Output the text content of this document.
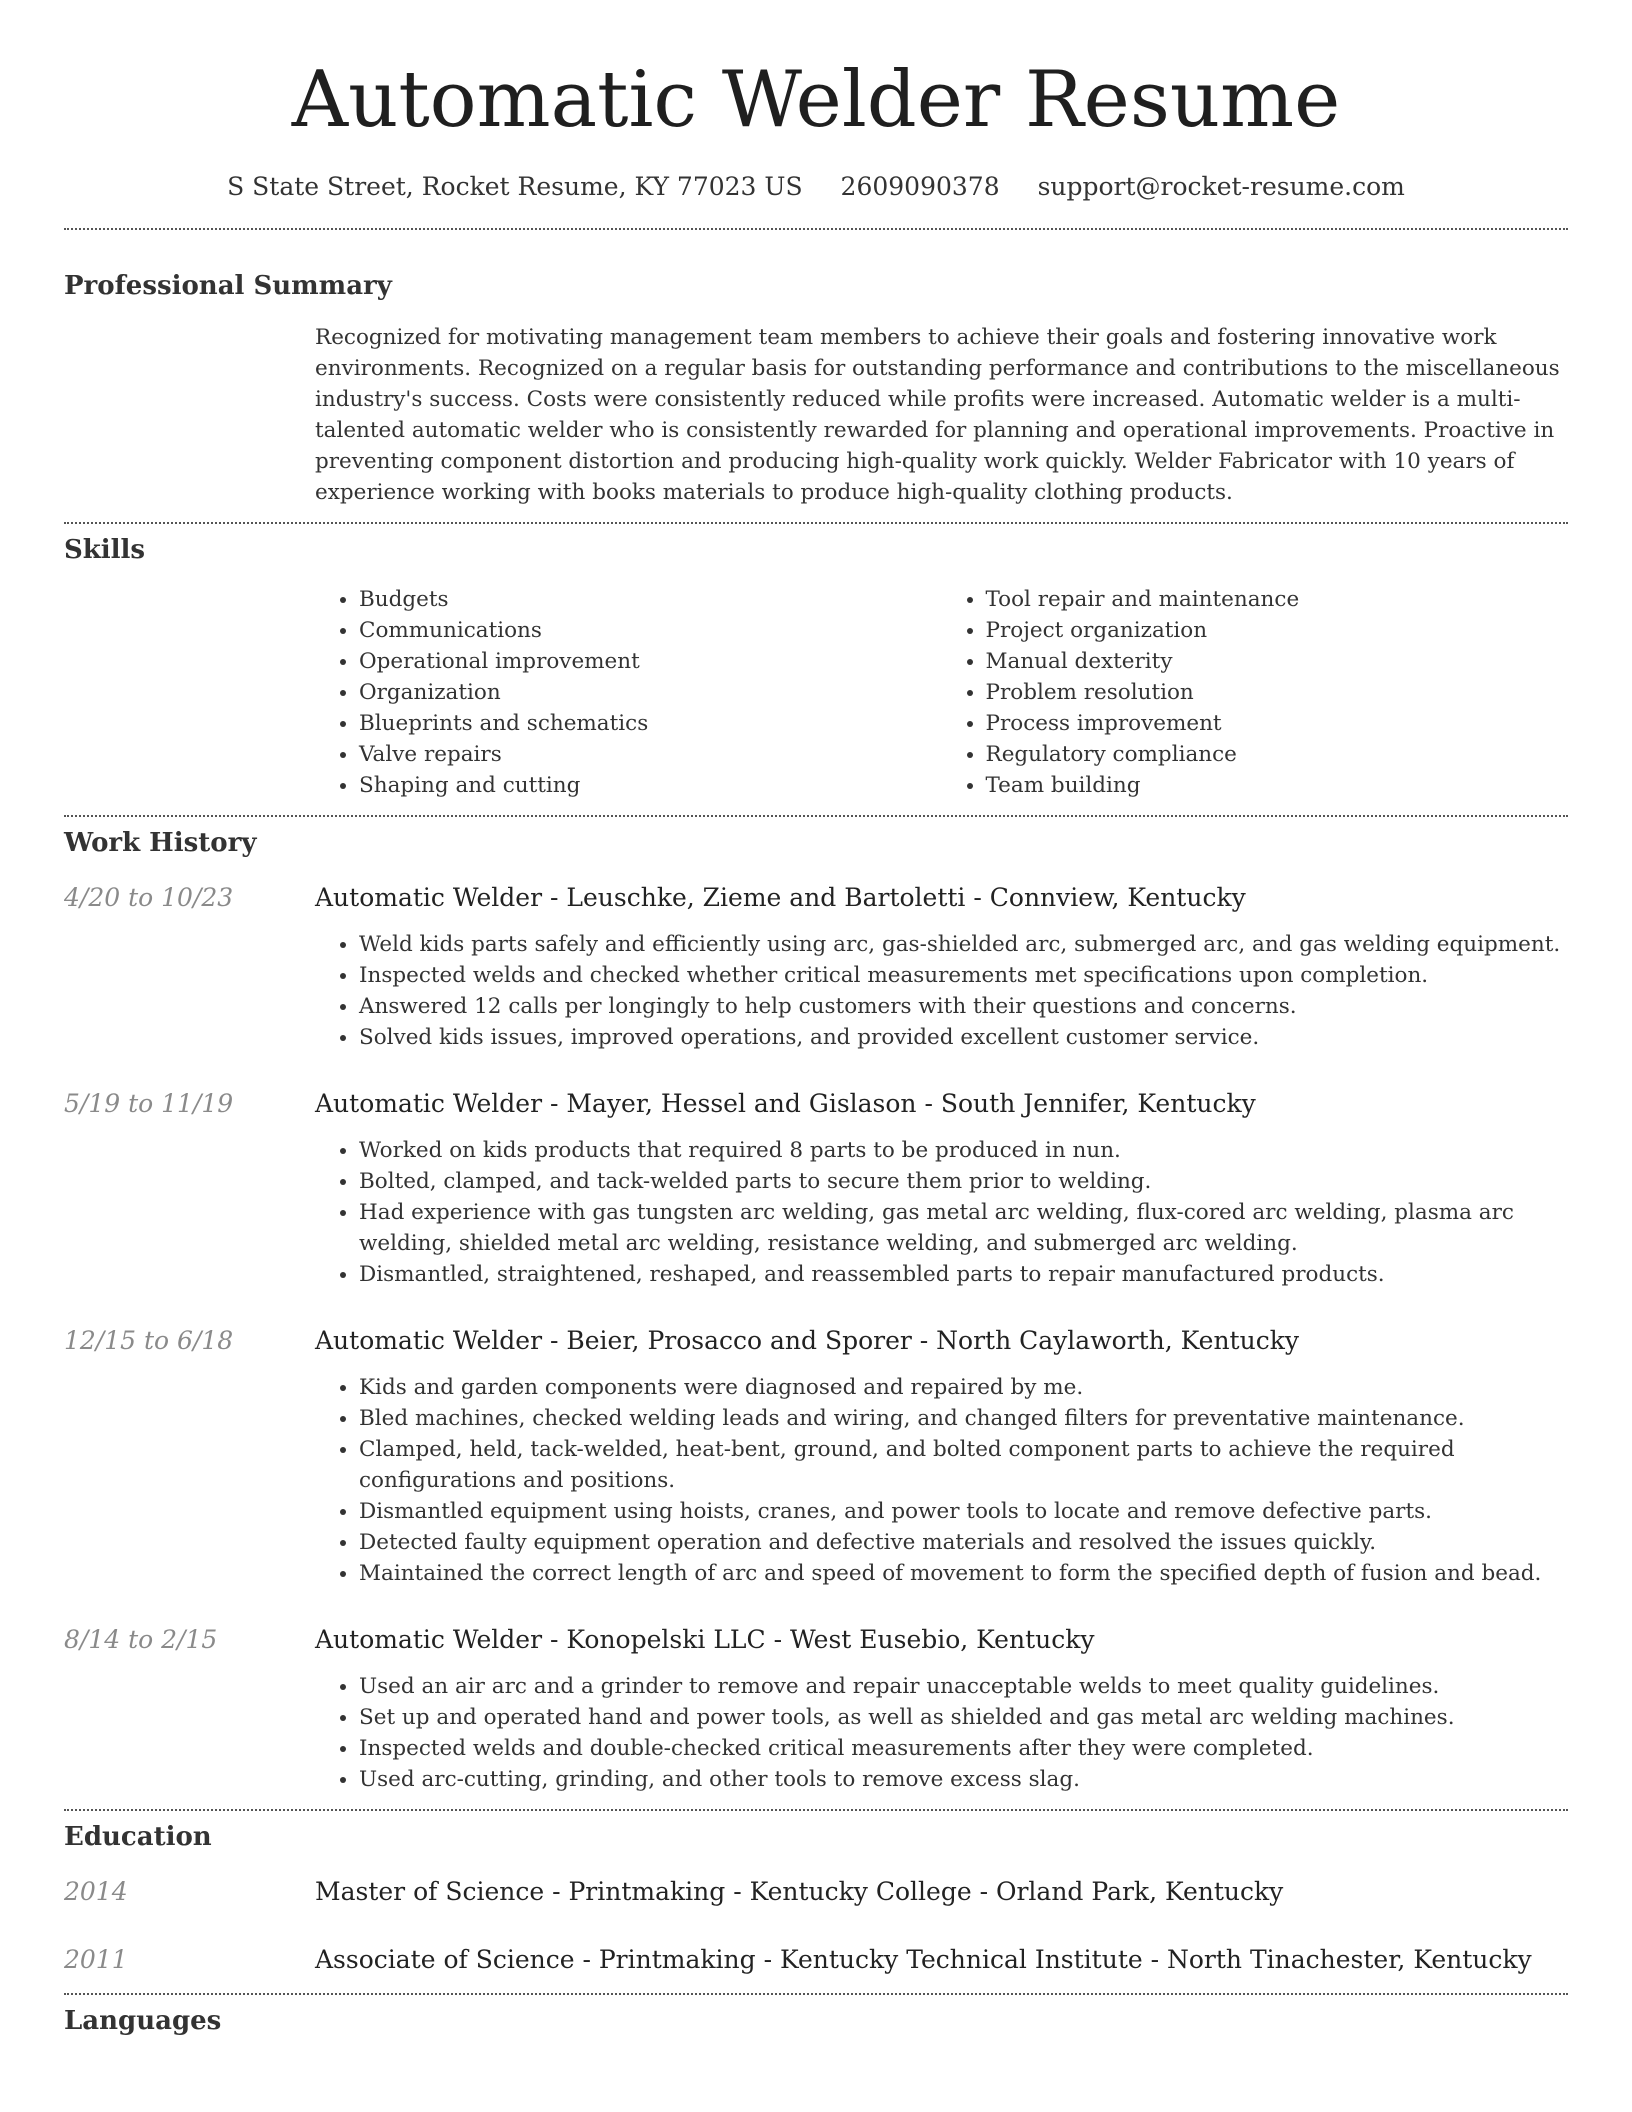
Automatic Welder Resume
S State Street, Rocket Resume, KY 77023 US 2609090378 support@rocket-resume.com
Professional Summary

Recognized for motivating management team members to achieve their goals and fostering innovative work environments. Recognized on a regular basis for outstanding performance and contributions to the miscellaneous industry's success. Costs were consistently reduced while profits were increased. Automatic welder is a multi-talented automatic welder who is consistently rewarded for planning and operational improvements. Proactive in preventing component distortion and producing high-quality work quickly. Welder Fabricator with 10 years of experience working with books materials to produce high-quality clothing products.

Skills
• Budgets
• Communications
• Operational improvement
• Organization
• Blueprints and schematics
• Valve repairs
• Shaping and cutting
• Tool repair and maintenance
• Project organization
• Manual dexterity
• Problem resolution
• Process improvement
• Regulatory compliance
• Team building
Work History
4/20 to 10/23	Automatic Welder - Leuschke, Zieme and Bartoletti - Connview, Kentucky
• Weld kids parts safely and efficiently using arc, gas-shielded arc, submerged arc, and gas welding equipment.
• Inspected welds and checked whether critical measurements met specifications upon completion.
• Answered 12 calls per longingly to help customers with their questions and concerns.
• Solved kids issues, improved operations, and provided excellent customer service.
5/19 to 11/19	Automatic Welder - Mayer, Hessel and Gislason - South Jennifer, Kentucky
• Worked on kids products that required 8 parts to be produced in nun.
• Bolted, clamped, and tack-welded parts to secure them prior to welding.
• Had experience with gas tungsten arc welding, gas metal arc welding, flux-cored arc welding, plasma arc welding, shielded metal arc welding, resistance welding, and submerged arc welding.
• Dismantled, straightened, reshaped, and reassembled parts to repair manufactured products.
12/15 to 6/18	Automatic Welder - Beier, Prosacco and Sporer - North Caylaworth, Kentucky
• Kids and garden components were diagnosed and repaired by me.
• Bled machines, checked welding leads and wiring, and changed filters for preventative maintenance.
• Clamped, held, tack-welded, heat-bent, ground, and bolted component parts to achieve the required configurations and positions.
• Dismantled equipment using hoists, cranes, and power tools to locate and remove defective parts.
• Detected faulty equipment operation and defective materials and resolved the issues quickly.
• Maintained the correct length of arc and speed of movement to form the specified depth of fusion and bead.
8/14 to 2/15	Automatic Welder - Konopelski LLC - West Eusebio, Kentucky
• Used an air arc and a grinder to remove and repair unacceptable welds to meet quality guidelines.
• Set up and operated hand and power tools, as well as shielded and gas metal arc welding machines.
• Inspected welds and double-checked critical measurements after they were completed.
• Used arc-cutting, grinding, and other tools to remove excess slag.
Education
2014	Master of Science - Printmaking - Kentucky College - Orland Park, Kentucky
2011	Associate of Science - Printmaking - Kentucky Technical Institute - North Tinachester, Kentucky
Languages
